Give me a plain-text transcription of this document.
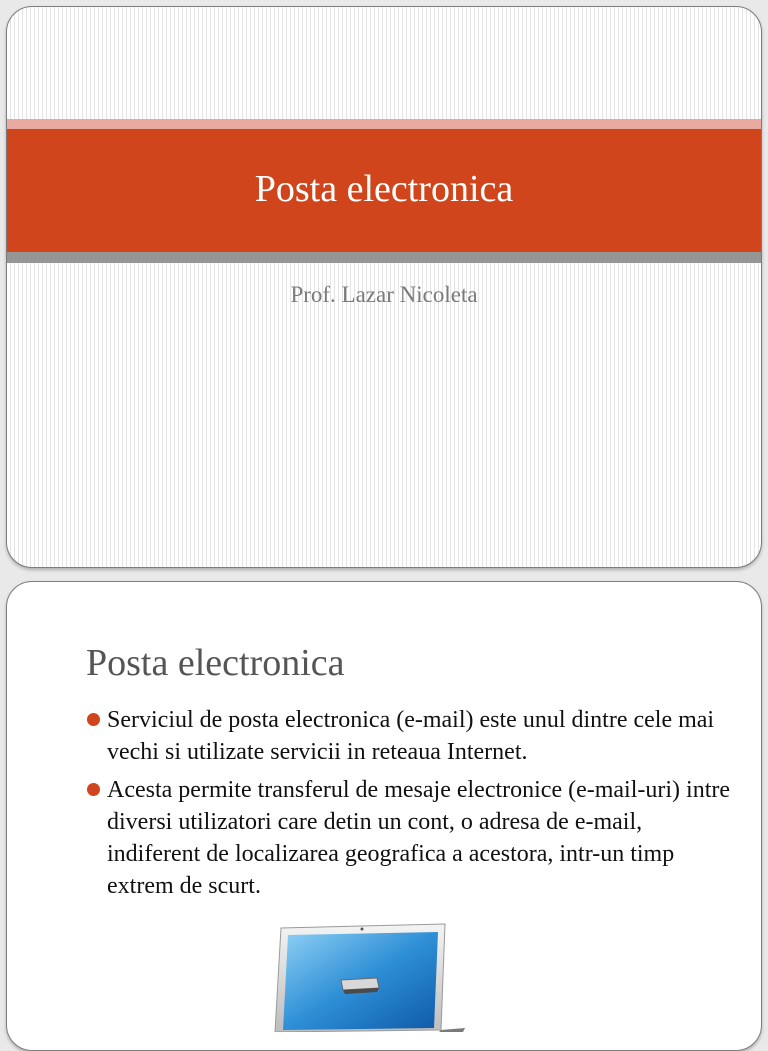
Posta electronica
Prof. Lazar Nicoleta
Posta electronica
Serviciul de posta electronica (e-mail) este unul dintre cele mai vechi si utilizate servicii in reteaua Internet.
Acesta permite transferul de mesaje electronice (e-mail-uri) intre diversi utilizatori care detin un cont, o adresa de e-mail, indiferent de localizarea geografica a acestora, intr-un timp extrem de scurt.
